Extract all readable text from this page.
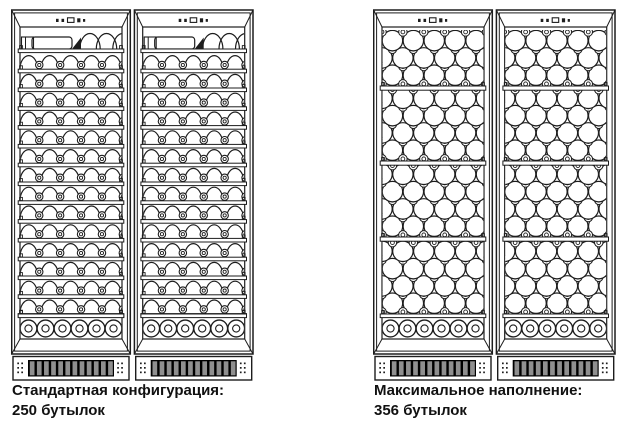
Стандартная конфигурация:
250 бутылок
Максимальное наполнение:
356 бутылок
